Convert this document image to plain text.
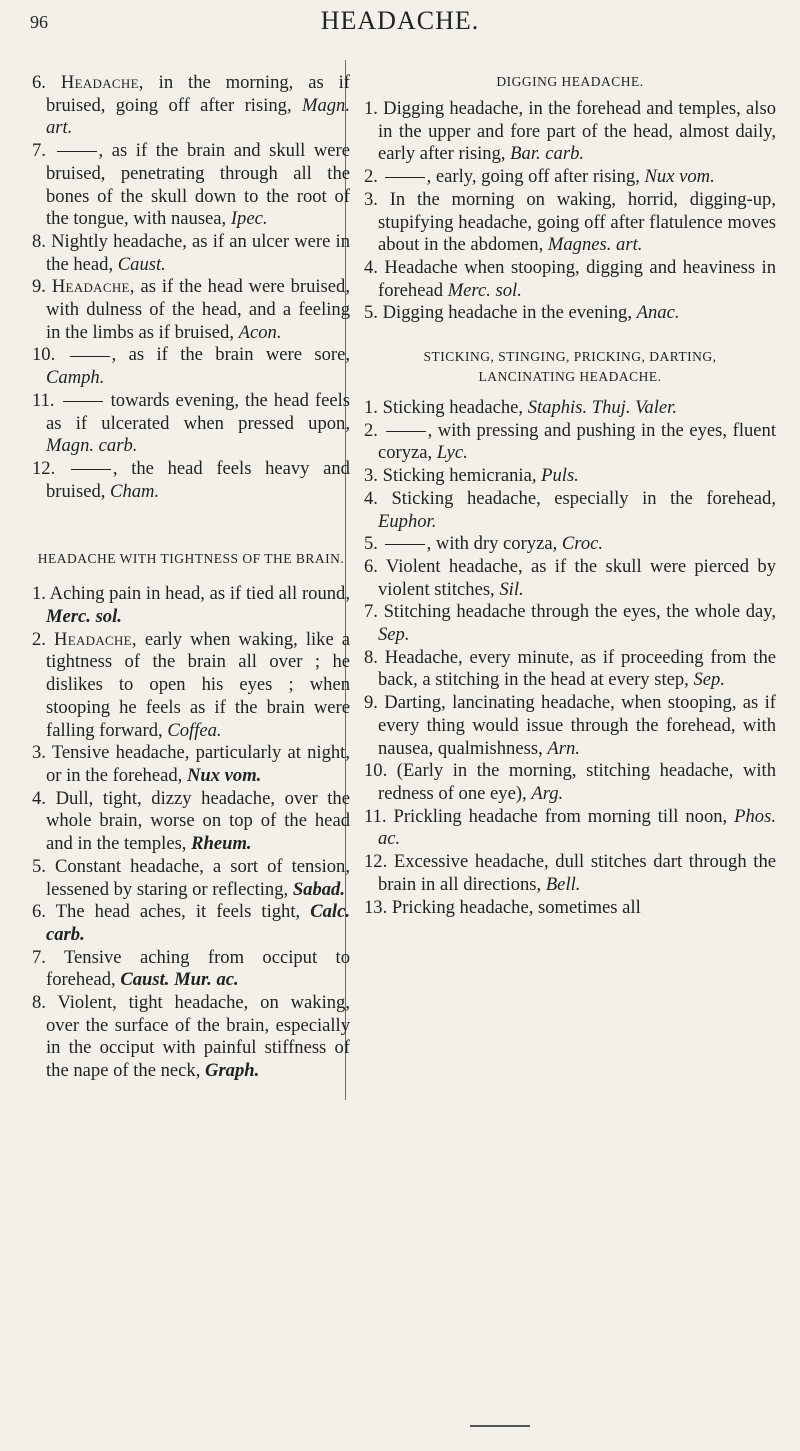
96	HEADACHE.

6. Headache, in the morning, as if bruised, going off after rising, Magn. art.

7.	, as if the brain and skull were bruised, penetrating through all the bones of the skull down to the root of the tongue, with nausea, Ipec.

8. Nightly headache, as if an ulcer were in the head, Caust.

9. Headache, as if the head were bruised, with dulness of the head, and a feeling in the limbs as if bruised, Acon.

10.	, as if the brain were sore, Camph.

11.	towards evening, the head feels as if ulcerated when pressed upon, Magn. carb.

12.	, the head feels heavy and bruised, Cham.

HEADACHE WITH TIGHTNESS OF THE BRAIN.

1. Aching pain in head, as if tied all round, Merc. sol.

2. Headache, early when waking, like a tightness of the brain all over ; he dislikes to open his eyes ; when stooping he feels as if the brain were falling forward, Coffea.

3. Tensive headache, particularly at night, or in the forehead, Nux vom.

4. Dull, tight, dizzy headache, over the whole brain, worse on top of the head and in the temples, Rheum.

5. Constant headache, a sort of tension, lessened by staring or reflecting, Sabad.

6. The head aches, it feels tight, Calc. carb.

7. Tensive aching from occiput to forehead, Caust. Mur. ac.

8. Violent, tight headache, on waking, over the surface of the brain, especially in the occiput with painful stiffness of the nape of the neck, Graph.

DIGGING HEADACHE.

1. Digging headache, in the forehead and temples, also in the upper and fore part of the head, almost daily, early after rising, Bar. carb.

2.	, early, going off after rising, Nux vom.

3. In the morning on waking, horrid, digging-up, stupifying headache, going off after flatulence moves about in the abdomen, Magnes. art.

4. Headache when stooping, digging and heaviness in forehead Merc. sol.

5. Digging headache in the evening, Anac.

STICKING, STINGING, PRICKING, DARTING,

LANCINATING HEADACHE.

1. Sticking headache, Staphis. Thuj. Valer.

2.	, with pressing and pushing in the eyes, fluent coryza, Lyc.

3. Sticking hemicrania, Puls.

4. Sticking headache, especially in the forehead, Euphor.

5.	, with dry coryza, Croc.

6. Violent headache, as if the skull were pierced by violent stitches, Sil.

7. Stitching headache through the eyes, the whole day, Sep.

8. Headache, every minute, as if proceeding from the back, a stitching in the head at every step, Sep.

9. Darting, lancinating headache, when stooping, as if every thing would issue through the forehead, with nausea, qualmishness, Arn.

10. (Early in the morning, stitching headache, with redness of one eye), Arg.

11. Prickling headache from morning till noon, Phos. ac.

12. Excessive headache, dull stitches dart through the brain in all directions, Bell.

13. Pricking headache, sometimes all
